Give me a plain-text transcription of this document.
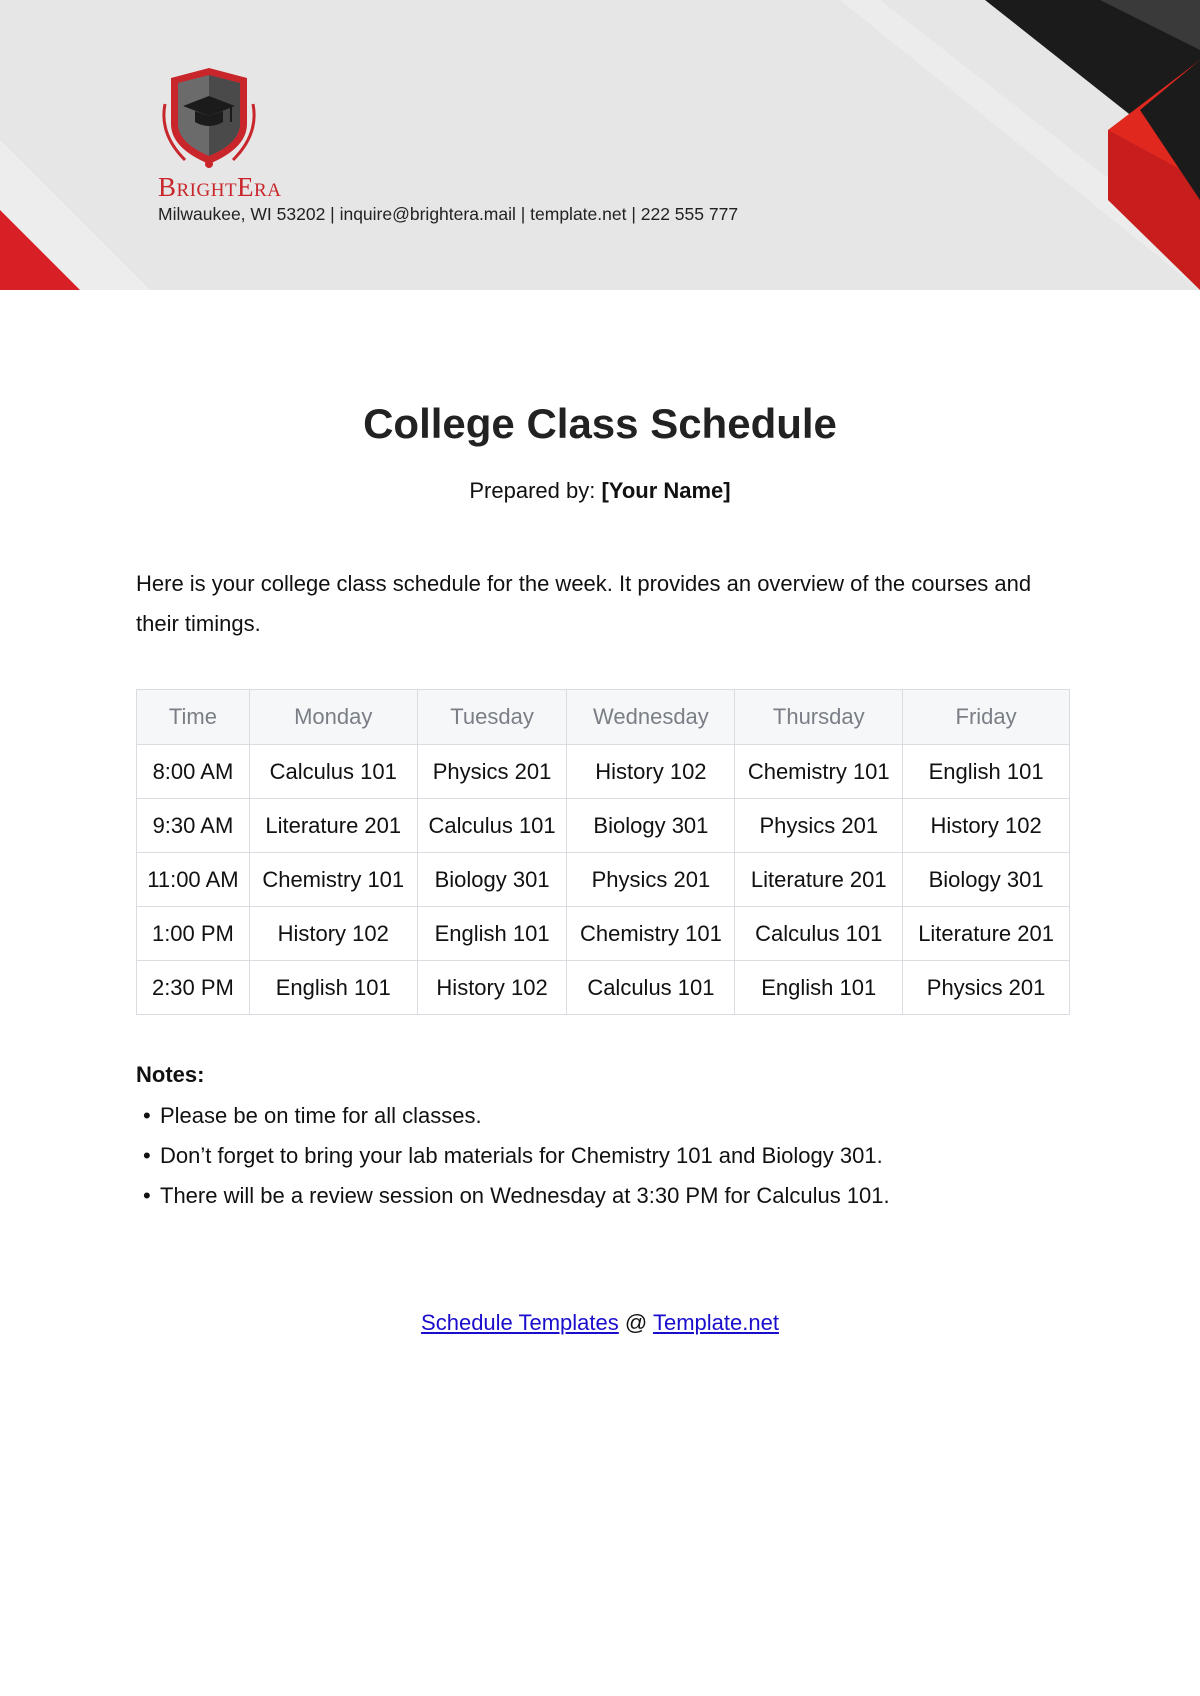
BrightEra
Milwaukee, WI 53202 | inquire@brightera.mail | template.net | 222 555 777
College Class Schedule
Prepared by: [Your Name]
Here is your college class schedule for the week. It provides an overview of the courses and their timings.
Time	Monday	Tuesday	Wednesday	Thursday	Friday
8:00 AM	Calculus 101	Physics 201	History 102	Chemistry 101	English 101
9:30 AM	Literature 201	Calculus 101	Biology 301	Physics 201	History 102
11:00 AM	Chemistry 101	Biology 301	Physics 201	Literature 201	Biology 301
1:00 PM	History 102	English 101	Chemistry 101	Calculus 101	Literature 201
2:30 PM	English 101	History 102	Calculus 101	English 101	Physics 201
Notes:
• Please be on time for all classes.
• Don’t forget to bring your lab materials for Chemistry 101 and Biology 301.
• There will be a review session on Wednesday at 3:30 PM for Calculus 101.
Schedule Templates @ Template.net
